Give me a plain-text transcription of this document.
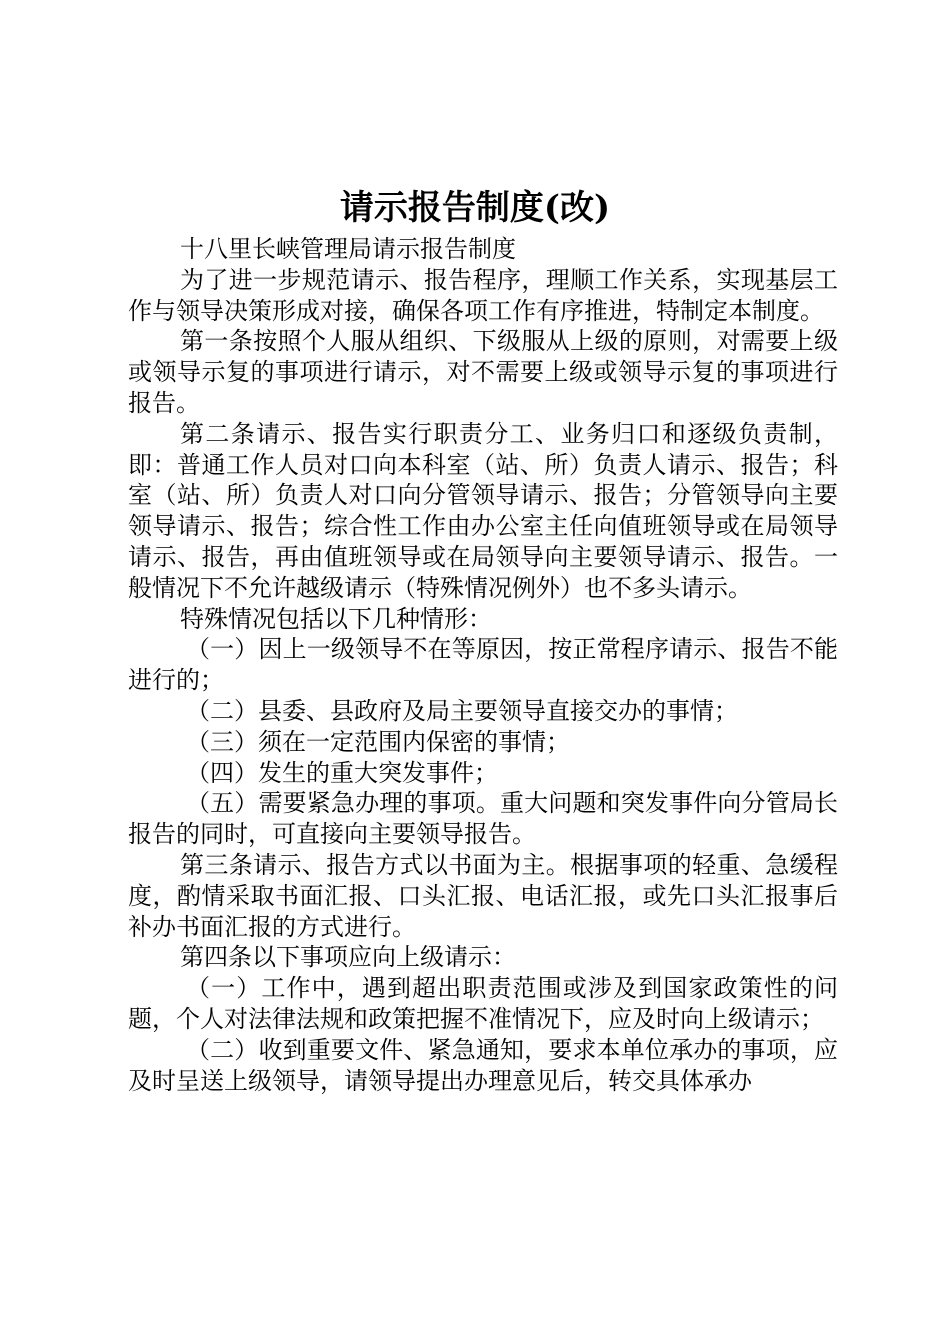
请示报告制度(改)

十八里长峡管理局请示报告制度

为了进一步规范请示、报告程序，理顺工作关系，实现基层工作与领导决策形成对接，确保各项工作有序推进，特制定本制度。

第一条按照个人服从组织、下级服从上级的原则，对需要上级或领导示复的事项进行请示，对不需要上级或领导示复的事项进行报告。

第二条请示、报告实行职责分工、业务归口和逐级负责制，即：普通工作人员对口向本科室（站、所）负责人请示、报告；科室（站、所）负责人对口向分管领导请示、报告；分管领导向主要领导请示、报告；综合性工作由办公室主任向值班领导或在局领导请示、报告，再由值班领导或在局领导向主要领导请示、报告。一般情况下不允许越级请示（特殊情况例外）也不多头请示。

特殊情况包括以下几种情形：

（一）因上一级领导不在等原因，按正常程序请示、报告不能进行的；

（二）县委、县政府及局主要领导直接交办的事情；

（三）须在一定范围内保密的事情；

（四）发生的重大突发事件；

（五）需要紧急办理的事项。重大问题和突发事件向分管局长报告的同时，可直接向主要领导报告。

第三条请示、报告方式以书面为主。根据事项的轻重、急缓程度，酌情采取书面汇报、口头汇报、电话汇报，或先口头汇报事后补办书面汇报的方式进行。

第四条以下事项应向上级请示：

（一）工作中，遇到超出职责范围或涉及到国家政策性的问题，个人对法律法规和政策把握不准情况下，应及时向上级请示；

（二）收到重要文件、紧急通知，要求本单位承办的事项，应及时呈送上级领导，请领导提出办理意见后，转交具体承办
